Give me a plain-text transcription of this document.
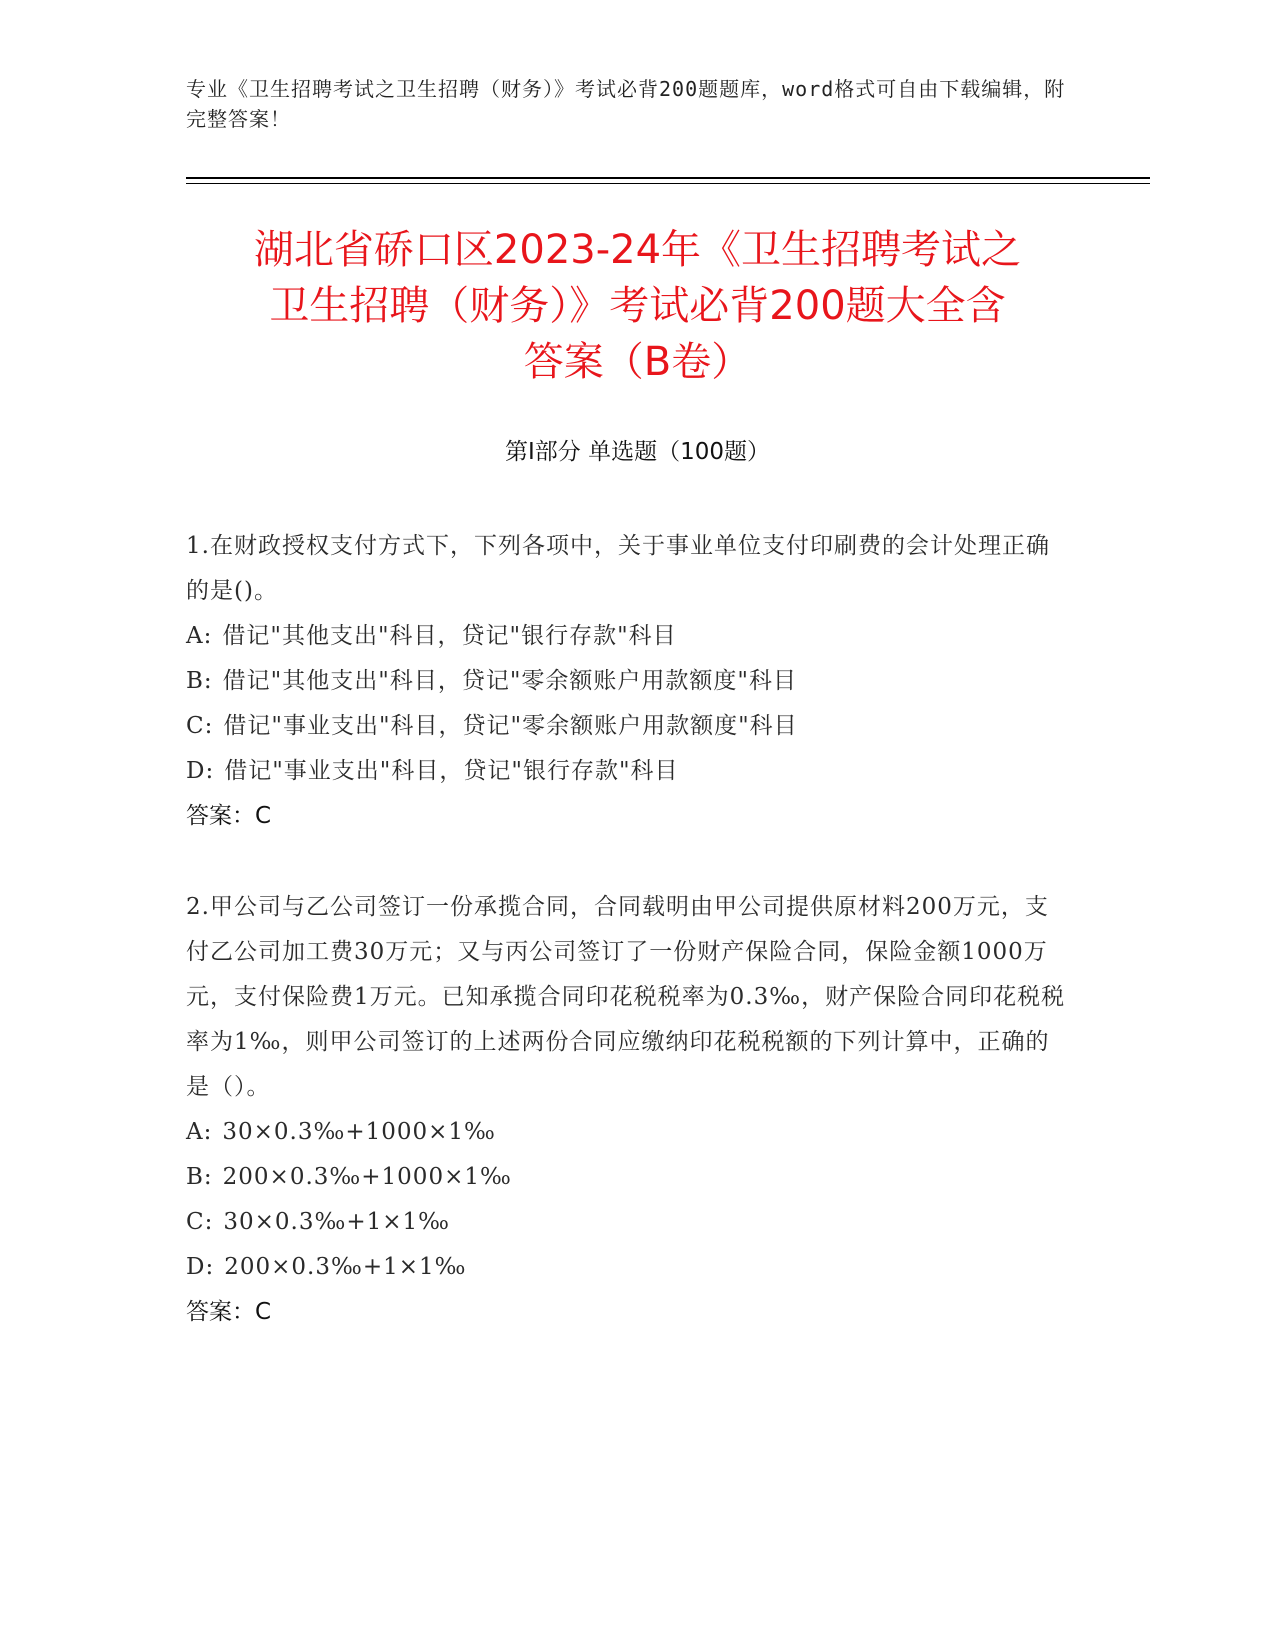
专业《卫生招聘考试之卫生招聘（财务）》考试必背200题题库，word格式可自由下载编辑，附完整答案！
湖北省硚口区2023-24年《卫生招聘考试之
卫生招聘（财务）》考试必背200题大全含
答案（B卷）
第I部分 单选题（100题）

1.在财政授权支付方式下，下列各项中，关于事业单位支付印刷费的会计处理正确的是()。

A: 借记"其他支出"科目，贷记"银行存款"科目

B: 借记"其他支出"科目，贷记"零余额账户用款额度"科目

C: 借记"事业支出"科目，贷记"零余额账户用款额度"科目

D: 借记"事业支出"科目，贷记"银行存款"科目

答案：C

2.甲公司与乙公司签订一份承揽合同，合同载明由甲公司提供原材料200万元，支付乙公司加工费30万元；又与丙公司签订了一份财产保险合同，保险金额1000万元，支付保险费1万元。已知承揽合同印花税税率为0.3‰，财产保险合同印花税税率为1‰，则甲公司签订的上述两份合同应缴纳印花税税额的下列计算中，正确的是（）。

A: 30×0.3‰+1000×1‰

B: 200×0.3‰+1000×1‰

C: 30×0.3‰+1×1‰

D: 200×0.3‰+1×1‰

答案：C
